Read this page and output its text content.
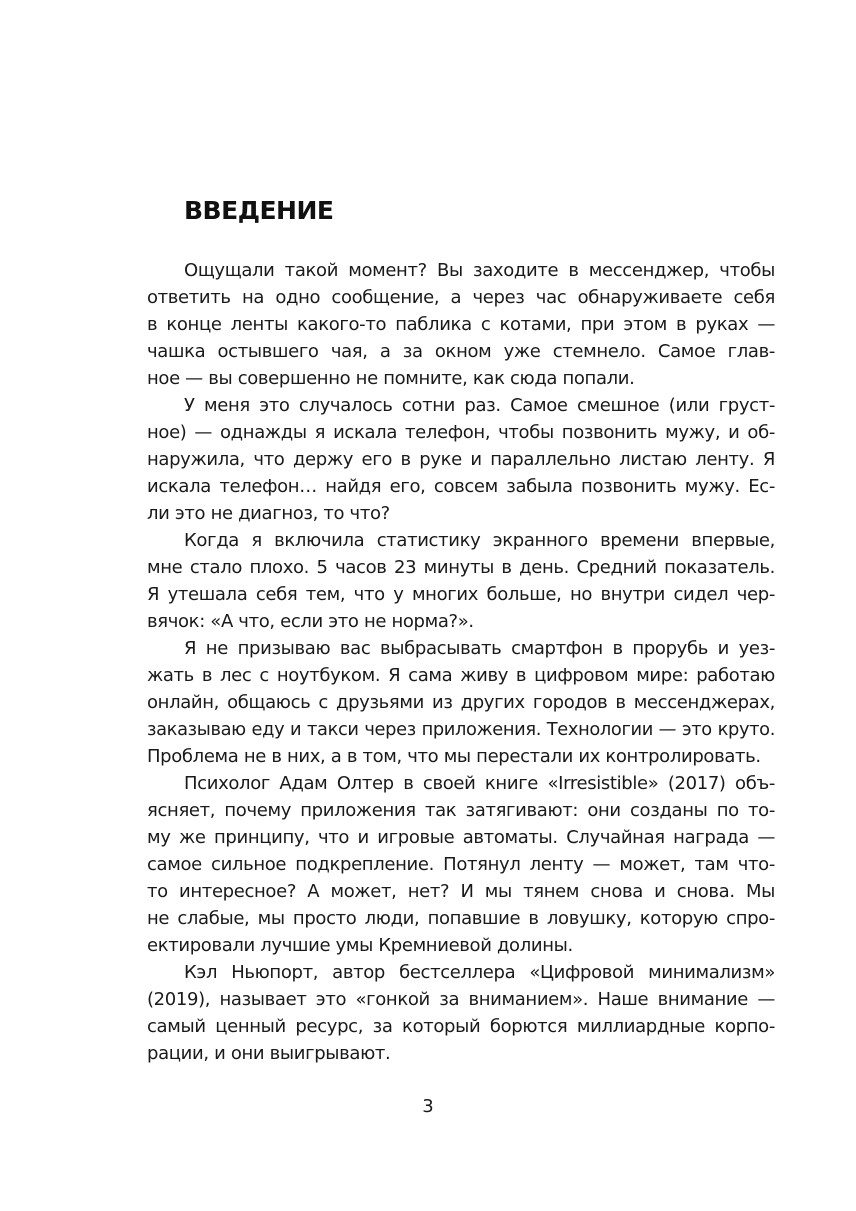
ВВЕДЕНИЕ
Ощущали такой момент? Вы заходите в мессенджер, чтобы
ответить на одно сообщение, а через час обнаруживаете себя
в конце ленты какого-то паблика с котами, при этом в руках —
чашка остывшего чая, а за окном уже стемнело. Самое глав-
ное — вы совершенно не помните, как сюда попали.
У меня это случалось сотни раз. Самое смешное (или груст-
ное) — однажды я искала телефон, чтобы позвонить мужу, и об-
наружила, что держу его в руке и параллельно листаю ленту. Я
искала телефон… найдя его, совсем забыла позвонить мужу. Ес-
ли это не диагноз, то что?
Когда я включила статистику экранного времени впервые,
мне стало плохо. 5 часов 23 минуты в день. Средний показатель.
Я утешала себя тем, что у многих больше, но внутри сидел чер-
вячок: «А что, если это не норма?».
Я не призываю вас выбрасывать смартфон в прорубь и уез-
жать в лес с ноутбуком. Я сама живу в цифровом мире: работаю
онлайн, общаюсь с друзьями из других городов в мессенджерах,
заказываю еду и такси через приложения. Технологии — это круто.
Проблема не в них, а в том, что мы перестали их контролировать.
Психолог Адам Олтер в своей книге «Irresistible» (2017) объ-
ясняет, почему приложения так затягивают: они созданы по то-
му же принципу, что и игровые автоматы. Случайная награда —
самое сильное подкрепление. Потянул ленту — может, там что-
то интересное? А может, нет? И мы тянем снова и снова. Мы
не слабые, мы просто люди, попавшие в ловушку, которую спро-
ектировали лучшие умы Кремниевой долины.
Кэл Ньюпорт, автор бестселлера «Цифровой минимализм»
(2019), называет это «гонкой за вниманием». Наше внимание —
самый ценный ресурс, за который борются миллиардные корпо-
рации, и они выигрывают.
3
